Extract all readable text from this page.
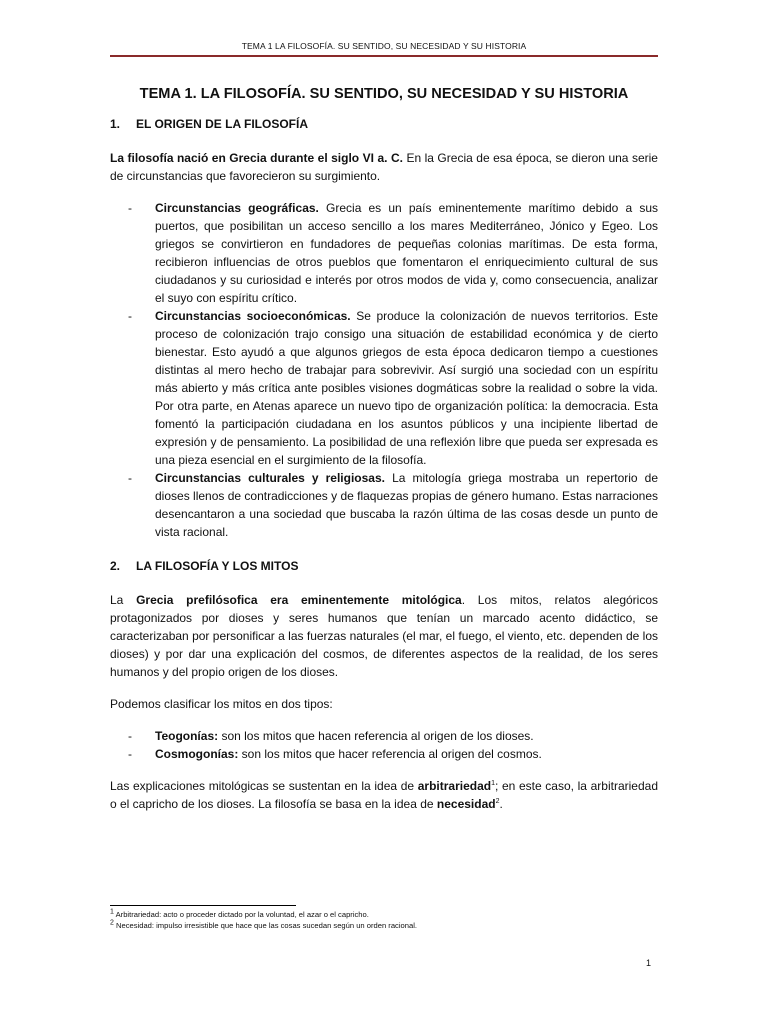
TEMA 1 LA FILOSOFÍA. SU SENTIDO, SU NECESIDAD Y SU HISTORIA
TEMA 1. LA FILOSOFÍA. SU SENTIDO, SU NECESIDAD Y SU HISTORIA
1.	EL ORIGEN DE LA FILOSOFÍA

La filosofía nació en Grecia durante el siglo VI a. C. En la Grecia de esa época, se dieron una serie de circunstancias que favorecieron su surgimiento.

-	Circunstancias geográficas. Grecia es un país eminentemente marítimo debido a sus puertos, que posibilitan un acceso sencillo a los mares Mediterráneo, Jónico y Egeo. Los griegos se convirtieron en fundadores de pequeñas colonias marítimas. De esta forma, recibieron influencias de otros pueblos que fomentaron el enriquecimiento cultural de sus ciudadanos y su curiosidad e interés por otros modos de vida y, como consecuencia, analizar el suyo con espíritu crítico.
-	Circunstancias socioeconómicas. Se produce la colonización de nuevos territorios. Este proceso de colonización trajo consigo una situación de estabilidad económica y de cierto bienestar. Esto ayudó a que algunos griegos de esta época dedicaron tiempo a cuestiones distintas al mero hecho de trabajar para sobrevivir. Así surgió una sociedad con un espíritu más abierto y más crítica ante posibles visiones dogmáticas sobre la realidad o sobre la vida. Por otra parte, en Atenas aparece un nuevo tipo de organización política: la democracia. Esta fomentó la participación ciudadana en los asuntos públicos y una incipiente libertad de expresión y de pensamiento. La posibilidad de una reflexión libre que pueda ser expresada es una pieza esencial en el surgimiento de la filosofía.
-	Circunstancias culturales y religiosas. La mitología griega mostraba un repertorio de dioses llenos de contradicciones y de flaquezas propias de género humano. Estas narraciones desencantaron a una sociedad que buscaba la razón última de las cosas desde un punto de vista racional.
2.	LA FILOSOFÍA Y LOS MITOS

La Grecia prefilósofica era eminentemente mitológica. Los mitos, relatos alegóricos protagonizados por dioses y seres humanos que tenían un marcado acento didáctico, se caracterizaban por personificar a las fuerzas naturales (el mar, el fuego, el viento, etc. dependen de los dioses) y por dar una explicación del cosmos, de diferentes aspectos de la realidad, de los seres humanos y del propio origen de los dioses.

Podemos clasificar los mitos en dos tipos:

-	Teogonías: son los mitos que hacen referencia al origen de los dioses.
-	Cosmogonías: son los mitos que hacer referencia al origen del cosmos.

Las explicaciones mitológicas se sustentan en la idea de arbitrariedad$^1$; en este caso, la arbitrariedad o el capricho de los dioses. La filosofía se basa en la idea de necesidad$^2$.

$^1$ Arbitrariedad: acto o proceder dictado por la voluntad, el azar o el capricho.
$^2$ Necesidad: impulso irresistible que hace que las cosas sucedan según un orden racional.
1
